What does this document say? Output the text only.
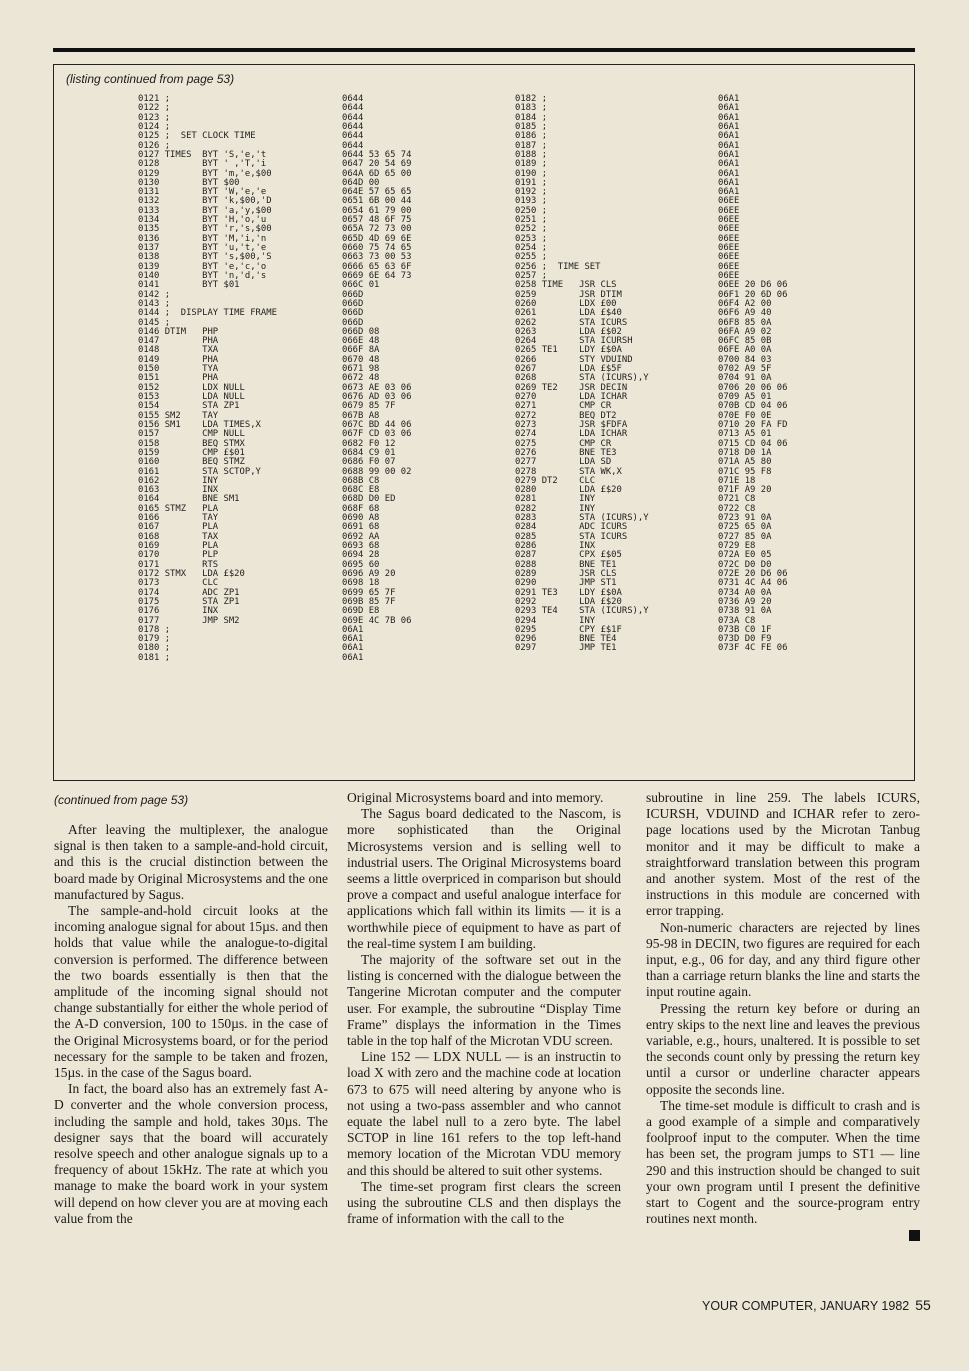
(listing continued from page 53)
0121 ;
0122 ;
0123 ;
0124 ;
0125 ;  SET CLOCK TIME
0126 ;
0127 TIMES  BYT 'S,'e,'t
0128        BYT ' ,'T,'i
0129        BYT 'm,'e,$00
0130        BYT $00
0131        BYT 'W,'e,'e
0132        BYT 'k,$00,'D
0133        BYT 'a,'y,$00
0134        BYT 'H,'o,'u
0135        BYT 'r,'s,$00
0136        BYT 'M,'i,'n
0137        BYT 'u,'t,'e
0138        BYT 's,$00,'S
0139        BYT 'e,'c,'o
0140        BYT 'n,'d,'s
0141        BYT $01
0142 ;
0143 ;
0144 ;  DISPLAY TIME FRAME
0145 ;
0146 DTIM   PHP
0147        PHA
0148        TXA
0149        PHA
0150        TYA
0151        PHA
0152        LDX NULL
0153        LDA NULL
0154        STA ZP1
0155 SM2    TAY
0156 SM1    LDA TIMES,X
0157        CMP NULL
0158        BEQ STMX
0159        CMP £$01
0160        BEQ STMZ
0161        STA SCTOP,Y
0162        INY
0163        INX
0164        BNE SM1
0165 STMZ   PLA
0166        TAY
0167        PLA
0168        TAX
0169        PLA
0170        PLP
0171        RTS
0172 STMX   LDA £$20
0173        CLC
0174        ADC ZP1
0175        STA ZP1
0176        INX
0177        JMP SM2
0178 ;
0179 ;
0180 ;
0181 ;
0644
0644
0644
0644
0644
0644
0644 53 65 74
0647 20 54 69
064A 6D 65 00
064D 00
064E 57 65 65
0651 6B 00 44
0654 61 79 00
0657 48 6F 75
065A 72 73 00
065D 4D 69 6E
0660 75 74 65
0663 73 00 53
0666 65 63 6F
0669 6E 64 73
066C 01
066D
066D
066D
066D
066D 08
066E 48
066F 8A
0670 48
0671 98
0672 48
0673 AE 03 06
0676 AD 03 06
0679 85 7F
067B A8
067C BD 44 06
067F CD 03 06
0682 F0 12
0684 C9 01
0686 F0 07
0688 99 00 02
068B C8
068C E8
068D D0 ED
068F 68
0690 A8
0691 68
0692 AA
0693 68
0694 28
0695 60
0696 A9 20
0698 18
0699 65 7F
069B 85 7F
069D E8
069E 4C 7B 06
06A1
06A1
06A1
06A1
0182 ;
0183 ;
0184 ;
0185 ;
0186 ;
0187 ;
0188 ;
0189 ;
0190 ;
0191 ;
0192 ;
0193 ;
0250 ;
0251 ;
0252 ;
0253 ;
0254 ;
0255 ;
0256 ;  TIME SET
0257 ;
0258 TIME   JSR CLS
0259        JSR DTIM
0260        LDX £00
0261        LDA £$40
0262        STA ICURS
0263        LDA £$02
0264        STA ICURSH
0265 TE1    LDY £$0A
0266        STY VDUIND
0267        LDA £$5F
0268        STA (ICURS),Y
0269 TE2    JSR DECIN
0270        LDA ICHAR
0271        CMP CR
0272        BEQ DT2
0273        JSR $FDFA
0274        LDA ICHAR
0275        CMP CR
0276        BNE TE3
0277        LDA SD
0278        STA WK,X
0279 DT2    CLC
0280        LDA £$20
0281        INY
0282        INY
0283        STA (ICURS),Y
0284        ADC ICURS
0285        STA ICURS
0286        INX
0287        CPX £$05
0288        BNE TE1
0289        JSR CLS
0290        JMP ST1
0291 TE3    LDY £$0A
0292        LDA £$20
0293 TE4    STA (ICURS),Y
0294        INY
0295        CPY £$1F
0296        BNE TE4
0297        JMP TE1
06A1
06A1
06A1
06A1
06A1
06A1
06A1
06A1
06A1
06A1
06A1
06EE
06EE
06EE
06EE
06EE
06EE
06EE
06EE
06EE
06EE 20 D6 06
06F1 20 6D 06
06F4 A2 00
06F6 A9 40
06F8 85 0A
06FA A9 02
06FC 85 0B
06FE A0 0A
0700 84 03
0702 A9 5F
0704 91 0A
0706 20 06 06
0709 A5 01
070B CD 04 06
070E F0 0E
0710 20 FA FD
0713 A5 01
0715 CD 04 06
0718 D0 1A
071A A5 80
071C 95 F8
071E 18
071F A9 20
0721 C8
0722 C8
0723 91 0A
0725 65 0A
0727 85 0A
0729 E8
072A E0 05
072C D0 D0
072E 20 D6 06
0731 4C A4 06
0734 A0 0A
0736 A9 20
0738 91 0A
073A C8
073B C0 1F
073D D0 F9
073F 4C FE 06
(continued from page 53)

After leaving the multiplexer, the analogue signal is then taken to a sample-and-hold circuit, and this is the crucial distinction between the board made by Original Microsystems and the one manufactured by Sagus.

The sample-and-hold circuit looks at the incoming analogue signal for about 15µs. and then holds that value while the analogue-to-digital conversion is performed. The difference between the two boards essentially is then that the amplitude of the incoming signal should not change substantially for either the whole period of the A-D conversion, 100 to 150µs. in the case of the Original Microsystems board, or for the period necessary for the sample to be taken and frozen, 15µs. in the case of the Sagus board.

In fact, the board also has an extremely fast A-D converter and the whole conversion process, including the sample and hold, takes 30µs. The designer says that the board will accurately resolve speech and other analogue signals up to a frequency of about 15kHz. The rate at which you manage to make the board work in your system will depend on how clever you are at moving each value from the

Original Microsystems board and into memory.

The Sagus board dedicated to the Nascom, is more sophisticated than the Original Microsystems version and is selling well to industrial users. The Original Microsystems board seems a little overpriced in comparison but should prove a compact and useful analogue interface for applications which fall within its limits — it is a worthwhile piece of equipment to have as part of the real-time system I am building.

The majority of the software set out in the listing is concerned with the dialogue between the Tangerine Microtan computer and the computer user. For example, the subroutine “Display Time Frame” displays the information in the Times table in the top half of the Microtan VDU screen.

Line 152 — LDX NULL — is an instructin to load X with zero and the machine code at location 673 to 675 will need altering by anyone who is not using a two-pass assembler and who cannot equate the label null to a zero byte. The label SCTOP in line 161 refers to the top left-hand memory location of the Microtan VDU memory and this should be altered to suit other systems.

The time-set program first clears the screen using the subroutine CLS and then displays the frame of information with the call to the

subroutine in line 259. The labels ICURS, ICURSH, VDUIND and ICHAR refer to zero-page locations used by the Microtan Tanbug monitor and it may be difficult to make a straightforward translation between this program and another system. Most of the rest of the instructions in this module are concerned with error trapping.

Non-numeric characters are rejected by lines 95-98 in DECIN, two figures are required for each input, e.g., 06 for day, and any third figure other than a carriage return blanks the line and starts the input routine again.

Pressing the return key before or during an entry skips to the next line and leaves the previous variable, e.g., hours, unaltered. It is possible to set the seconds count only by pressing the return key until a cursor or underline character appears opposite the seconds line.

The time-set module is difficult to crash and is a good example of a simple and comparatively foolproof input to the computer. When the time has been set, the program jumps to ST1 — line 290 and this instruction should be changed to suit your own program until I present the definitive start to Cogent and the source-program entry routines next month.

YOUR COMPUTER, JANUARY 1982 55
